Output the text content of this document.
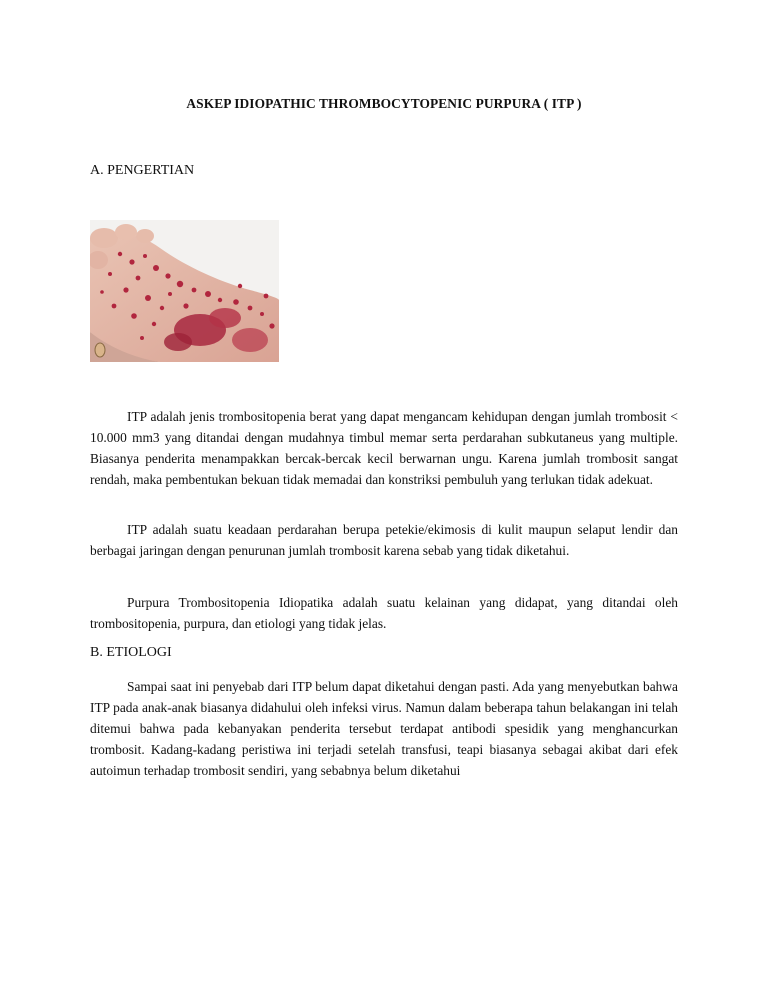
ASKEP IDIOPATHIC THROMBOCYTOPENIC PURPURA ( ITP )
A. PENGERTIAN

ITP adalah jenis trombositopenia berat yang dapat mengancam kehidupan dengan jumlah trombosit < 10.000 mm3 yang ditandai dengan mudahnya timbul memar serta perdarahan subkutaneus yang multiple. Biasanya penderita menampakkan bercak-bercak kecil berwarnan ungu. Karena jumlah trombosit sangat rendah, maka pembentukan bekuan tidak memadai dan konstriksi pembuluh yang terlukan tidak adekuat.

ITP adalah suatu keadaan perdarahan berupa petekie/ekimosis di kulit maupun selaput lendir dan berbagai jaringan dengan penurunan jumlah trombosit karena sebab yang tidak diketahui.

Purpura Trombositopenia Idiopatika adalah suatu kelainan yang didapat, yang ditandai oleh trombositopenia, purpura, dan etiologi yang tidak jelas.

B. ETIOLOGI

Sampai saat ini penyebab dari ITP belum dapat diketahui dengan pasti. Ada yang menyebutkan bahwa ITP pada anak-anak biasanya didahului oleh infeksi virus. Namun dalam beberapa tahun belakangan ini telah ditemui bahwa pada kebanyakan penderita tersebut terdapat antibodi spesidik yang menghancurkan trombosit. Kadang-kadang peristiwa ini terjadi setelah transfusi, teapi biasanya sebagai akibat dari efek autoimun terhadap trombosit sendiri, yang sebabnya belum diketahui
